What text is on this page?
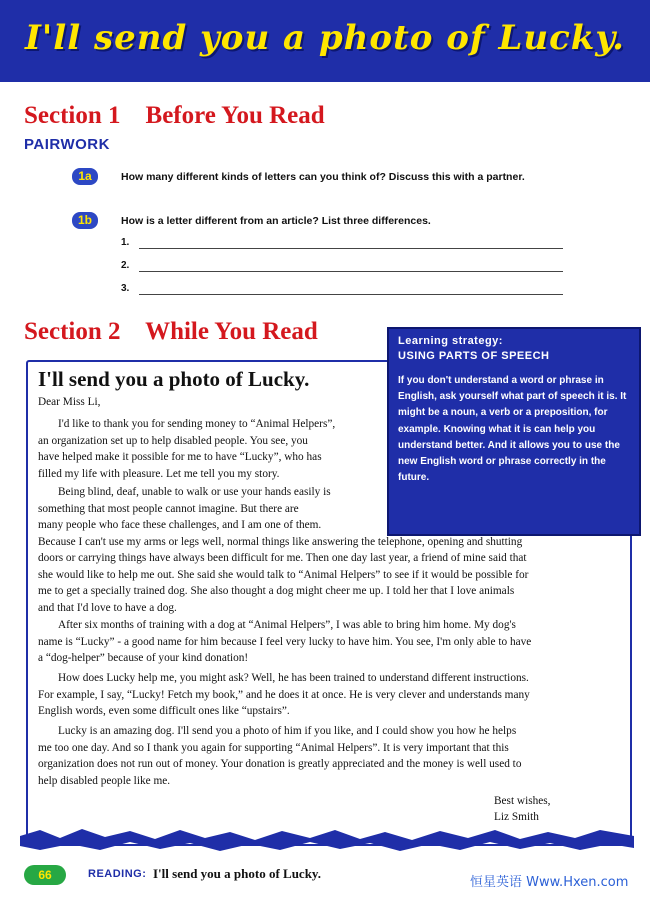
I'll send you a photo of Lucky.
Section 1    Before You Read
PAIRWORK
1a	How many different kinds of letters can you think of? Discuss this with a partner.
1b	How is a letter different from an article? List three differences.
1.
2.
3.
Section 2    While You Read	Learning strategy:
USING PARTS OF SPEECH
If you don't understand a word or phrase in English, ask yourself what part of speech it is. It might be a noun, a verb or a preposition, for example. Knowing what it is can help you understand better. And it allows you to use the new English word or phrase correctly in the future.
I'll send you a photo of Lucky.
Dear Miss Li,
I'd like to thank you for sending money to “Animal Helpers”,
an organization set up to help disabled people. You see, you
have helped make it possible for me to have “Lucky”, who has
filled my life with pleasure. Let me tell you my story.
Being blind, deaf, unable to walk or use your hands easily is
something that most people cannot imagine. But there are
many people who face these challenges, and I am one of them.
Because I can't use my arms or legs well, normal things like answering the telephone, opening and shutting
doors or carrying things have always been difficult for me. Then one day last year, a friend of mine said that
she would like to help me out. She said she would talk to “Animal Helpers” to see if it would be possible for
me to get a specially trained dog. She also thought a dog might cheer me up. I told her that I love animals
and that I'd love to have a dog.
After six months of training with a dog at “Animal Helpers”, I was able to bring him home. My dog's
name is “Lucky” - a good name for him because I feel very lucky to have him. You see, I'm only able to have
a “dog-helper” because of your kind donation!
How does Lucky help me, you might ask? Well, he has been trained to understand different instructions.
For example, I say, “Lucky! Fetch my book,” and he does it at once. He is very clever and understands many
English words, even some difficult ones like “upstairs”.
Lucky is an amazing dog. I'll send you a photo of him if you like, and I could show you how he helps
me too one day. And so I thank you again for supporting “Animal Helpers”. It is very important that this
organization does not run out of money. Your donation is greatly appreciated and the money is well used to
help disabled people like me.
Best wishes,
Liz Smith
66	READING: I'll send you a photo of Lucky.
恒星英语 Www.Hxen.com
